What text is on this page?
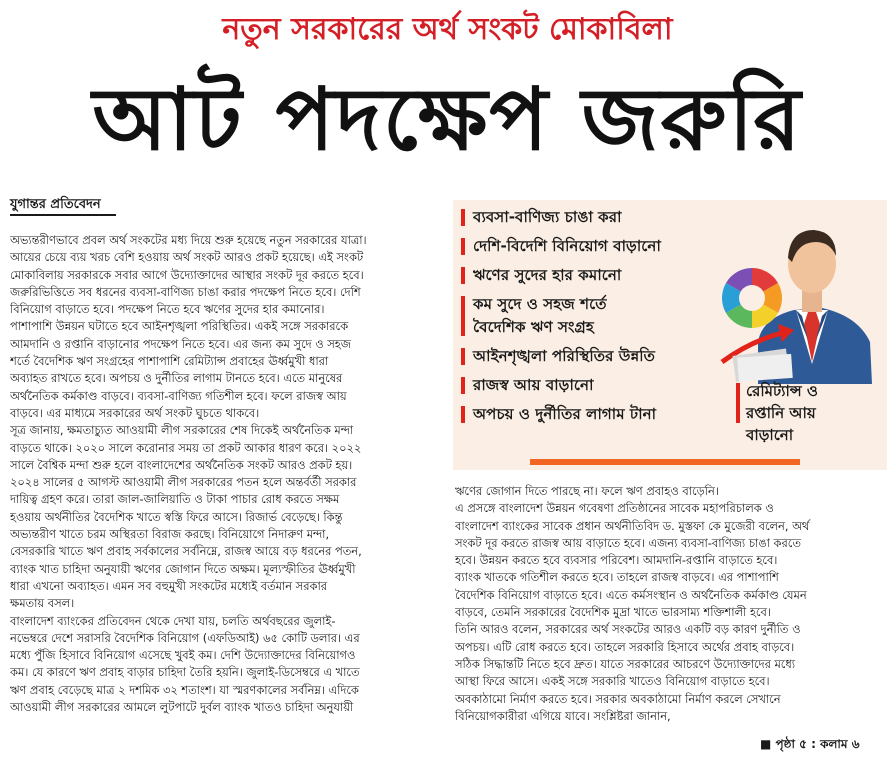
নতুন সরকারের অর্থ সংকট মোকাবিলা
আট পদক্ষেপ জরুরি
যুগান্তর প্রতিবেদন
অভ্যন্তরীণভাবে প্রবল অর্থ সংকটের মধ্য দিয়ে শুরু হয়েছে নতুন সরকারের যাত্রা।
আয়ের চেয়ে ব্যয় খরচ বেশি হওয়ায় অর্থ সংকট আরও প্রকট হয়েছে। এই সংকট
মোকাবিলায় সরকারকে সবার আগে উদ্যোক্তাদের আস্থার সংকট দূর করতে হবে।
জরুরিভিত্তিতে সব ধরনের ব্যবসা-বাণিজ্য চাঙা করার পদক্ষেপ নিতে হবে। দেশি
বিনিয়োগ বাড়াতে হবে। পদক্ষেপ নিতে হবে ঋণের সুদের হার কমানোর।
পাশাপাশি উন্নয়ন ঘটাতে হবে আইনশৃঙ্খলা পরিস্থিতির। একই সঙ্গে সরকারকে
আমদানি ও রপ্তানি বাড়ানোর পদক্ষেপ নিতে হবে। এর জন্য কম সুদে ও সহজ
শর্তে বৈদেশিক ঋণ সংগ্রহের পাশাপাশি রেমিট্যান্স প্রবাহের ঊর্ধ্বমুখী ধারা
অব্যাহত রাখতে হবে। অপচয় ও দুর্নীতির লাগাম টানতে হবে। এতে মানুষের
অর্থনৈতিক কর্মকাণ্ড বাড়বে। ব্যবসা-বাণিজ্য গতিশীল হবে। ফলে রাজস্ব আয়
বাড়বে। এর মাধ্যমে সরকারের অর্থ সংকট ঘুচতে থাকবে।
সূত্র জানায়, ক্ষমতাচ্যুত আওয়ামী লীগ সরকারের শেষ দিকেই অর্থনৈতিক মন্দা
বাড়তে থাকে। ২০২০ সালে করোনার সময় তা প্রকট আকার ধারণ করে। ২০২২
সালে বৈশ্বিক মন্দা শুরু হলে বাংলাদেশের অর্থনৈতিক সংকট আরও প্রকট হয়।
২০২৪ সালের ৫ আগস্ট আওয়ামী লীগ সরকারের পতন হলে অন্তর্বর্তী সরকার
দায়িত্ব গ্রহণ করে। তারা জাল-জালিয়াতি ও টাকা পাচার রোধ করতে সক্ষম
হওয়ায় অর্থনীতির বৈদেশিক খাতে স্বস্তি ফিরে আসে। রিজার্ভ বেড়েছে। কিন্তু
অভ্যন্তরীণ খাতে চরম অস্থিরতা বিরাজ করছে। বিনিয়োগে নিদারুণ মন্দা,
বেসরকারি খাতে ঋণ প্রবাহ সর্বকালের সর্বনিম্নে, রাজস্ব আয়ে বড় ধরনের পতন,
ব্যাংক খাত চাহিদা অনুযায়ী ঋণের জোগান দিতে অক্ষম। মূল্যস্ফীতির ঊর্ধ্বমুখী
ধারা এখনো অব্যাহত। এমন সব বহুমুখী সংকটের মধ্যেই বর্তমান সরকার
ক্ষমতায় বসল।
বাংলাদেশ ব্যাংকের প্রতিবেদন থেকে দেখা যায়, চলতি অর্থবছরের জুলাই-
নভেম্বরে দেশে সরাসরি বৈদেশিক বিনিয়োগ (এফডিআই) ৬৫ কোটি ডলার। এর
মধ্যে পুঁজি হিসাবে বিনিয়োগ এসেছে খুবই কম। দেশি উদ্যোক্তাদের বিনিয়োগও
কম। যে কারণে ঋণ প্রবাহ বাড়ার চাহিদা তৈরি হয়নি। জুলাই-ডিসেম্বরে এ খাতে
ঋণ প্রবাহ বেড়েছে মাত্র ২ দশমিক ৩২ শতাংশ। যা স্মরণকালের সর্বনিম্ন। এদিকে
আওয়ামী লীগ সরকারের আমলে লুটপাটে দুর্বল ব্যাংক খাতও চাহিদা অনুযায়ী
ব্যবসা-বাণিজ্য চাঙা করা
দেশি-বিদেশি বিনিয়োগ বাড়ানো
ঋণের সুদের হার কমানো
কম সুদে ও সহজ শর্তে
বৈদেশিক ঋণ সংগ্রহ
আইনশৃঙ্খলা পরিস্থিতির উন্নতি
রাজস্ব আয় বাড়ানো
অপচয় ও দুর্নীতির লাগাম টানা
রেমিট্যান্স ও
রপ্তানি আয়
বাড়ানো
ঋণের জোগান দিতে পারছে না। ফলে ঋণ প্রবাহও বাড়েনি।
এ প্রসঙ্গে বাংলাদেশ উন্নয়ন গবেষণা প্রতিষ্ঠানের সাবেক মহাপরিচালক ও
বাংলাদেশ ব্যাংকের সাবেক প্রধান অর্থনীতিবিদ ড. মুস্তফা কে মুজেরী বলেন, অর্থ
সংকট দূর করতে রাজস্ব আয় বাড়াতে হবে। এজন্য ব্যবসা-বাণিজ্য চাঙা করতে
হবে। উন্নয়ন করতে হবে ব্যবসার পরিবেশ। আমদানি-রপ্তানি বাড়াতে হবে।
ব্যাংক খাতকে গতিশীল করতে হবে। তাহলে রাজস্ব বাড়বে। এর পাশাপাশি
বৈদেশিক বিনিয়োগ বাড়াতে হবে। এতে কর্মসংস্থান ও অর্থনৈতিক কর্মকাণ্ড যেমন
বাড়বে, তেমনি সরকারের বৈদেশিক মুদ্রা খাতে ভারসাম্য শক্তিশালী হবে।
তিনি আরও বলেন, সরকারের অর্থ সংকটের আরও একটি বড় কারণ দুর্নীতি ও
অপচয়। এটি রোধ করতে হবে। তাহলে সরকারি হিসাবে অর্থের প্রবাহ বাড়বে।
সঠিক সিদ্ধান্তটি নিতে হবে দ্রুত। যাতে সরকারের আচরণে উদ্যোক্তাদের মধ্যে
আস্থা ফিরে আসে। একই সঙ্গে সরকারি খাতেও বিনিয়োগ বাড়াতে হবে।
অবকাঠামো নির্মাণ করতে হবে। সরকার অবকাঠামো নির্মাণ করলে সেখানে
বিনিয়োগকারীরা এগিয়ে যাবে। সংশ্লিষ্টরা জানান,
■ পৃষ্ঠা ৫ : কলাম ৬
